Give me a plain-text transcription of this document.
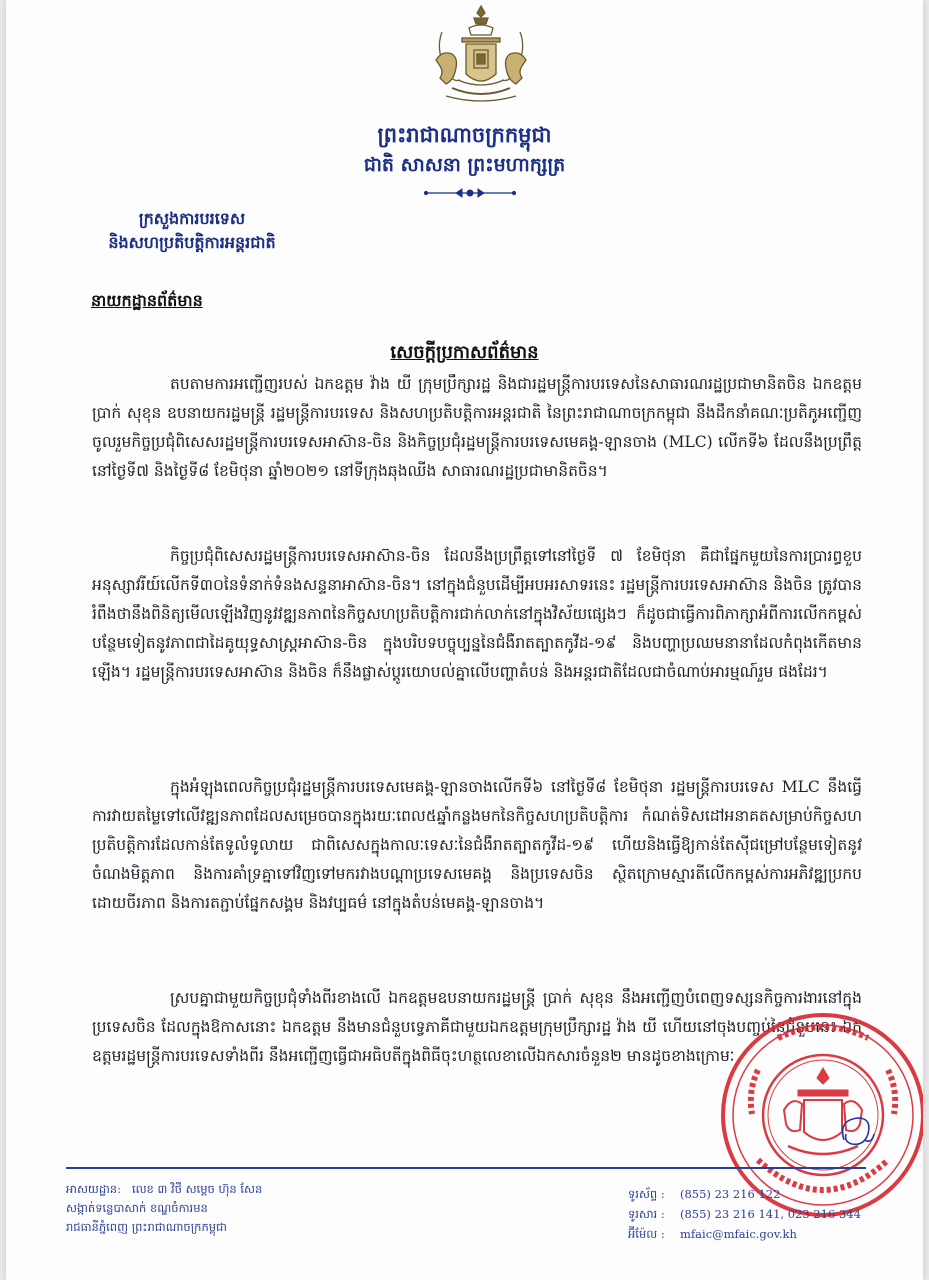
ព្រះរាជាណាចក្រកម្ពុជា
ជាតិ សាសនា ព្រះមហាក្សត្រ
ក្រសួងការបរទេស
និងសហប្រតិបត្តិការអន្តរជាតិ
នាយកដ្ឋានព័ត៌មាន
សេចក្តីប្រកាសព័ត៌មាន
តបតាមការអញ្ជើញរបស់ ឯកឧត្តម វ៉ាង យី ក្រុមប្រឹក្សារដ្ឋ និងជារដ្ឋមន្ត្រីការបរទេសនៃសាធារណរដ្ឋប្រជាមានិតចិន ឯកឧត្តម ប្រាក់ សុខុន ឧបនាយករដ្ឋមន្ត្រី រដ្ឋមន្ត្រីការបរទេស និងសហប្រតិបត្តិការអន្តរជាតិ នៃព្រះរាជាណាចក្រកម្ពុជា នឹងដឹកនាំគណៈប្រតិភូអញ្ជើញចូលរួមកិច្ចប្រជុំពិសេសរដ្ឋមន្ត្រីការបរទេសអាស៊ាន-ចិន និងកិច្ចប្រជុំរដ្ឋមន្ត្រីការបរទេសមេគង្គ-ឡានចាង (MLC) លើកទី៦ ដែលនឹងប្រព្រឹត្តនៅថ្ងៃទី៧ និងថ្ងៃទី៨ ខែមិថុនា ឆ្នាំ២០២១ នៅទីក្រុងឆុងឈីង សាធារណរដ្ឋប្រជាមានិតចិន។
កិច្ចប្រជុំពិសេសរដ្ឋមន្ត្រីការបរទេសអាស៊ាន-ចិន ដែលនឹងប្រព្រឹត្តទៅនៅថ្ងៃទី ៧ ខែមិថុនា គឺជាផ្នែកមួយនៃការប្រារព្ធខួបអនុស្សាវរីយ៍លើកទី៣០នៃទំនាក់ទំនងសន្ទនាអាស៊ាន-ចិន។ នៅក្នុងជំនួបដើម្បីអបអរសាទរនេះ រដ្ឋមន្ត្រីការបរទេសអាស៊ាន និងចិន ត្រូវបានរំពឹងថានឹងពិនិត្យមើលឡើងវិញនូវវឌ្ឍនភាពនៃកិច្ចសហប្រតិបត្តិការជាក់លាក់នៅក្នុងវិស័យផ្សេងៗ ក៏ដូចជាធ្វើការពិភាក្សាអំពីការលើកកម្ពស់បន្ថែមទៀតនូវភាពជាដៃគូយុទ្ធសាស្ត្រអាស៊ាន-ចិន ក្នុងបរិបទបច្ចុប្បន្ននៃជំងឺរាតត្បាតកូវីដ-១៩ និងបញ្ហាប្រឈមនានាដែលកំពុងកើតមានឡើង។ រដ្ឋមន្ត្រីការបរទេសអាស៊ាន និងចិន ក៏នឹងផ្លាស់ប្តូរយោបល់គ្នាលើបញ្ហាតំបន់ និងអន្តរជាតិដែលជាចំណាប់អារម្មណ៍រួម ផងដែរ។
ក្នុងអំឡុងពេលកិច្ចប្រជុំរដ្ឋមន្ត្រីការបរទេសមេគង្គ-ឡានចាងលើកទី៦ នៅថ្ងៃទី៨ ខែមិថុនា រដ្ឋមន្ត្រីការបរទេស MLC នឹងធ្វើការវាយតម្លៃទៅលើវឌ្ឍនភាពដែលសម្រេចបានក្នុងរយៈពេល៥ឆ្នាំកន្លងមកនៃកិច្ចសហប្រតិបត្តិការ កំណត់ទិសដៅអនាគតសម្រាប់កិច្ចសហប្រតិបត្តិការដែលកាន់តែទូលំទូលាយ ជាពិសេសក្នុងកាលៈទេសៈនៃជំងឺរាតត្បាតកូវីដ-១៩ ហើយនិងធ្វើឱ្យកាន់តែស៊ីជម្រៅបន្ថែមទៀតនូវចំណងមិត្តភាព និងការគាំទ្រគ្នាទៅវិញទៅមករវាងបណ្តាប្រទេសមេគង្គ និងប្រទេសចិន ស្ថិតក្រោមស្មារតីលើកកម្ពស់ការអភិវឌ្ឍប្រកបដោយចីរភាព និងការតភ្ជាប់ផ្នែកសង្គម និងវប្បធម៌ នៅក្នុងតំបន់មេគង្គ-ឡានចាង។
ស្របគ្នាជាមួយកិច្ចប្រជុំទាំងពីរខាងលើ ឯកឧត្តមឧបនាយករដ្ឋមន្ត្រី ប្រាក់ សុខុន នឹងអញ្ជើញបំពេញទស្សនកិច្ចការងារនៅក្នុងប្រទេសចិន ដែលក្នុងឱកាសនោះ ឯកឧត្តម នឹងមានជំនួបទ្វេភាគីជាមួយឯកឧត្តមក្រុមប្រឹក្សារដ្ឋ វ៉ាង យី ហើយនៅចុងបញ្ចប់នៃជំនួបនេះ ឯកឧត្តមរដ្ឋមន្ត្រីការបរទេសទាំងពីរ នឹងអញ្ជើញធ្វើជាអធិបតីក្នុងពិធីចុះហត្ថលេខាលើឯកសារចំនួន២ មានដូចខាងក្រោមៈ
អាសយដ្ឋាន: លេខ ៣ វិថី សម្តេច ហ៊ុន សែន
សង្កាត់ទន្លេបាសាក់ ខណ្ឌចំការមន
រាជធានីភ្នំពេញ ព្រះរាជាណាចក្រកម្ពុជា
ទូរស័ព្ទ :	(855) 23 216 122
ទូរសារ :	(855) 23 216 141, 023 216 344
អ៊ីម៉ែល :	mfaic@mfaic.gov.kh
